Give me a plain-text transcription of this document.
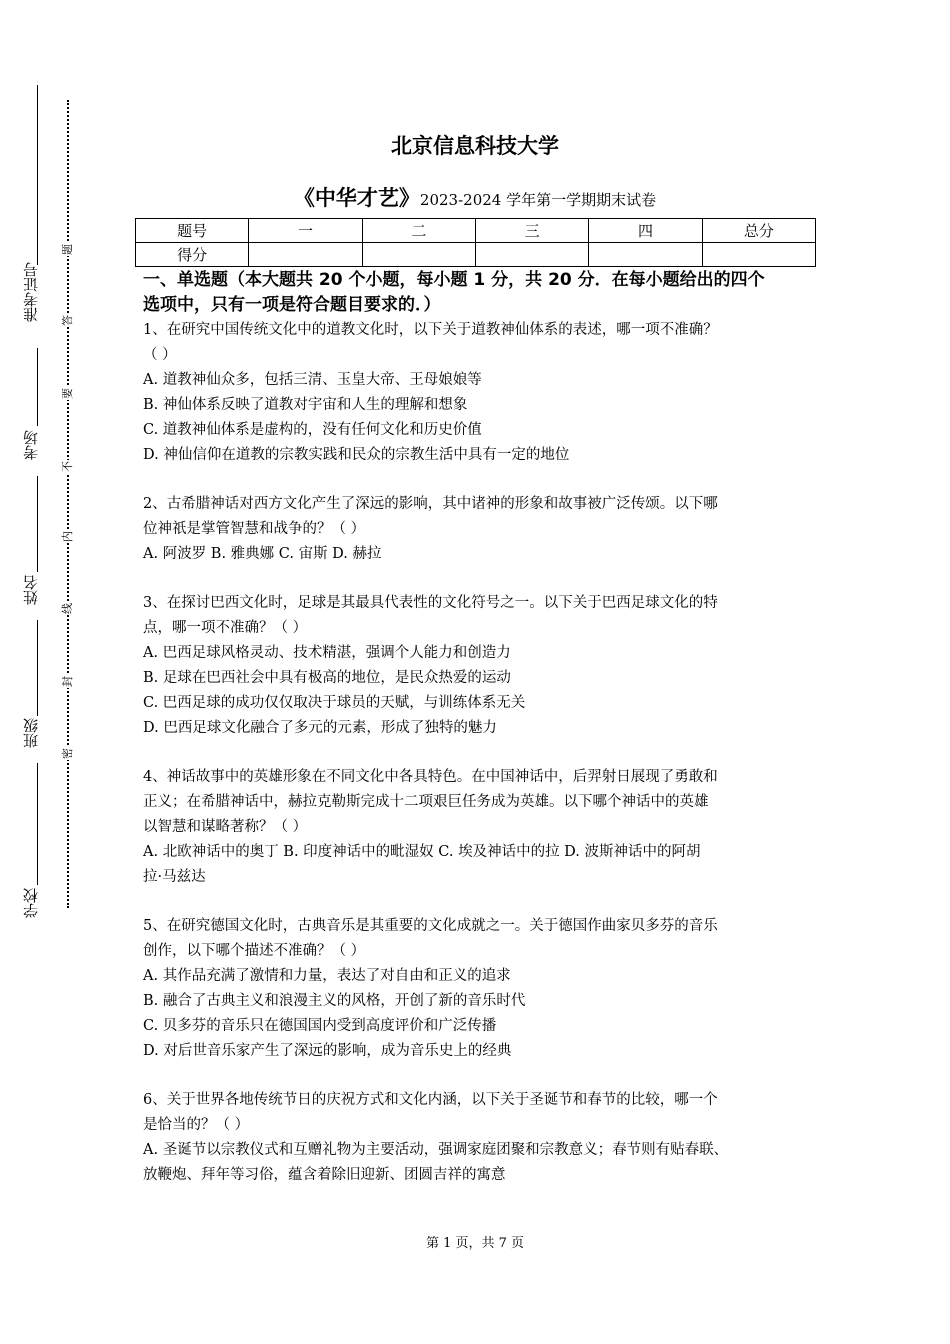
准考证号
考场
姓名
班级
学校
题
答
要
不
内
线
封
密
北京信息科技大学
《中华才艺》2023-2024 学年第一学期期末试卷
题号	一	二	三	四	总分
得分					
一、单选题（本大题共 20 个小题，每小题 1 分，共 20 分．在每小题给出的四个
选项中，只有一项是符合题目要求的．）
1、在研究中国传统文化中的道教文化时，以下关于道教神仙体系的表述，哪一项不准确？
（ ）
A. 道教神仙众多，包括三清、玉皇大帝、王母娘娘等
B. 神仙体系反映了道教对宇宙和人生的理解和想象
C. 道教神仙体系是虚构的，没有任何文化和历史价值
D. 神仙信仰在道教的宗教实践和民众的宗教生活中具有一定的地位
2、古希腊神话对西方文化产生了深远的影响，其中诸神的形象和故事被广泛传颂。以下哪
位神祇是掌管智慧和战争的？（ ）
A. 阿波罗 B. 雅典娜 C. 宙斯 D. 赫拉
3、在探讨巴西文化时，足球是其最具代表性的文化符号之一。以下关于巴西足球文化的特
点，哪一项不准确？（ ）
A. 巴西足球风格灵动、技术精湛，强调个人能力和创造力
B. 足球在巴西社会中具有极高的地位，是民众热爱的运动
C. 巴西足球的成功仅仅取决于球员的天赋，与训练体系无关
D. 巴西足球文化融合了多元的元素，形成了独特的魅力
4、神话故事中的英雄形象在不同文化中各具特色。在中国神话中，后羿射日展现了勇敢和
正义；在希腊神话中，赫拉克勒斯完成十二项艰巨任务成为英雄。以下哪个神话中的英雄
以智慧和谋略著称？（ ）
A. 北欧神话中的奥丁 B. 印度神话中的毗湿奴 C. 埃及神话中的拉 D. 波斯神话中的阿胡
拉·马兹达
5、在研究德国文化时，古典音乐是其重要的文化成就之一。关于德国作曲家贝多芬的音乐
创作，以下哪个描述不准确？（ ）
A. 其作品充满了激情和力量，表达了对自由和正义的追求
B. 融合了古典主义和浪漫主义的风格，开创了新的音乐时代
C. 贝多芬的音乐只在德国国内受到高度评价和广泛传播
D. 对后世音乐家产生了深远的影响，成为音乐史上的经典
6、关于世界各地传统节日的庆祝方式和文化内涵，以下关于圣诞节和春节的比较，哪一个
是恰当的？（ ）
A. 圣诞节以宗教仪式和互赠礼物为主要活动，强调家庭团聚和宗教意义；春节则有贴春联、
放鞭炮、拜年等习俗，蕴含着除旧迎新、团圆吉祥的寓意
第 1 页，共 7 页
